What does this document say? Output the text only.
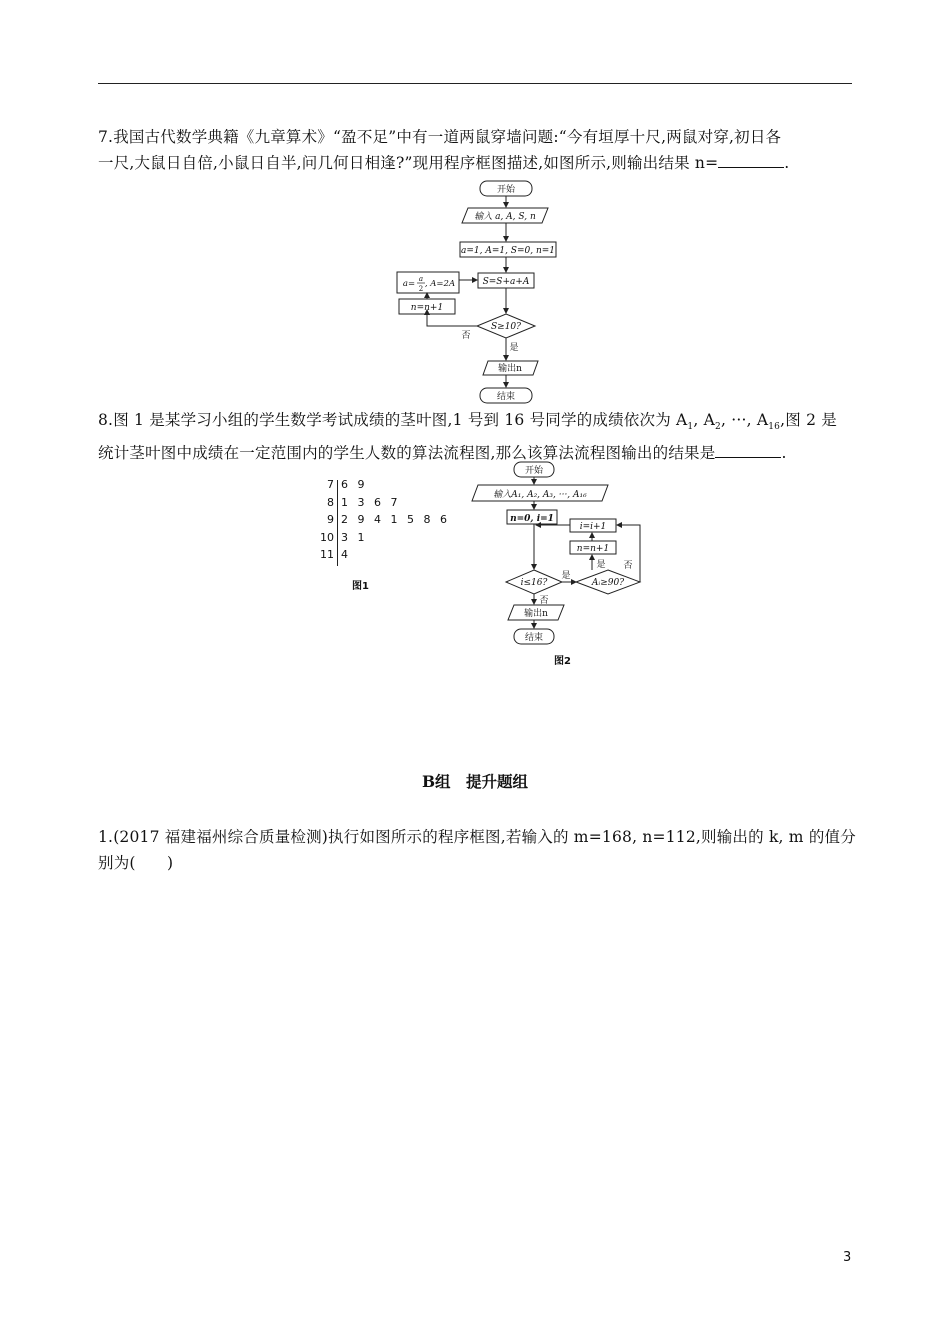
7.我国古代数学典籍《九章算术》“盈不足”中有一道两鼠穿墙问题:“今有垣厚十尺,两鼠对穿,初日各
一尺,大鼠日自倍,小鼠日自半,问几何日相逢?”现用程序框图描述,如图所示,则输出结果 n=	.
开始
输入 a, A, S, n
a=1, A=1, S=0, n=1
S=S+a+A
S≥10?
输出n
结束
n=n+1
是
否
a= a
2 , A=2A
8.图 1 是某学习小组的学生数学考试成绩的茎叶图,1 号到 16 号同学的成绩依次为 $A_1$, $A_2$, ···, $A_{16}$,图 2 是
统计茎叶图中成绩在一定范围内的学生人数的算法流程图,那么该算法流程图输出的结果是	.
7 6 9
8 1 3 6 7
9 2 9 4 1 5 8 6
10 3 1
11 4
图1
开始
输入A₁, A₂, A₃, ···, A₁₆
n=0, i=1
i≤16?	Aᵢ≥90?
n=n+1
i=i+1
是
是 否
否
输出n
结束
图2
B组　提升题组
1.(2017 福建福州综合质量检测)执行如图所示的程序框图,若输入的 m=168, n=112,则输出的 k, m 的值分
别为(　　)
3
